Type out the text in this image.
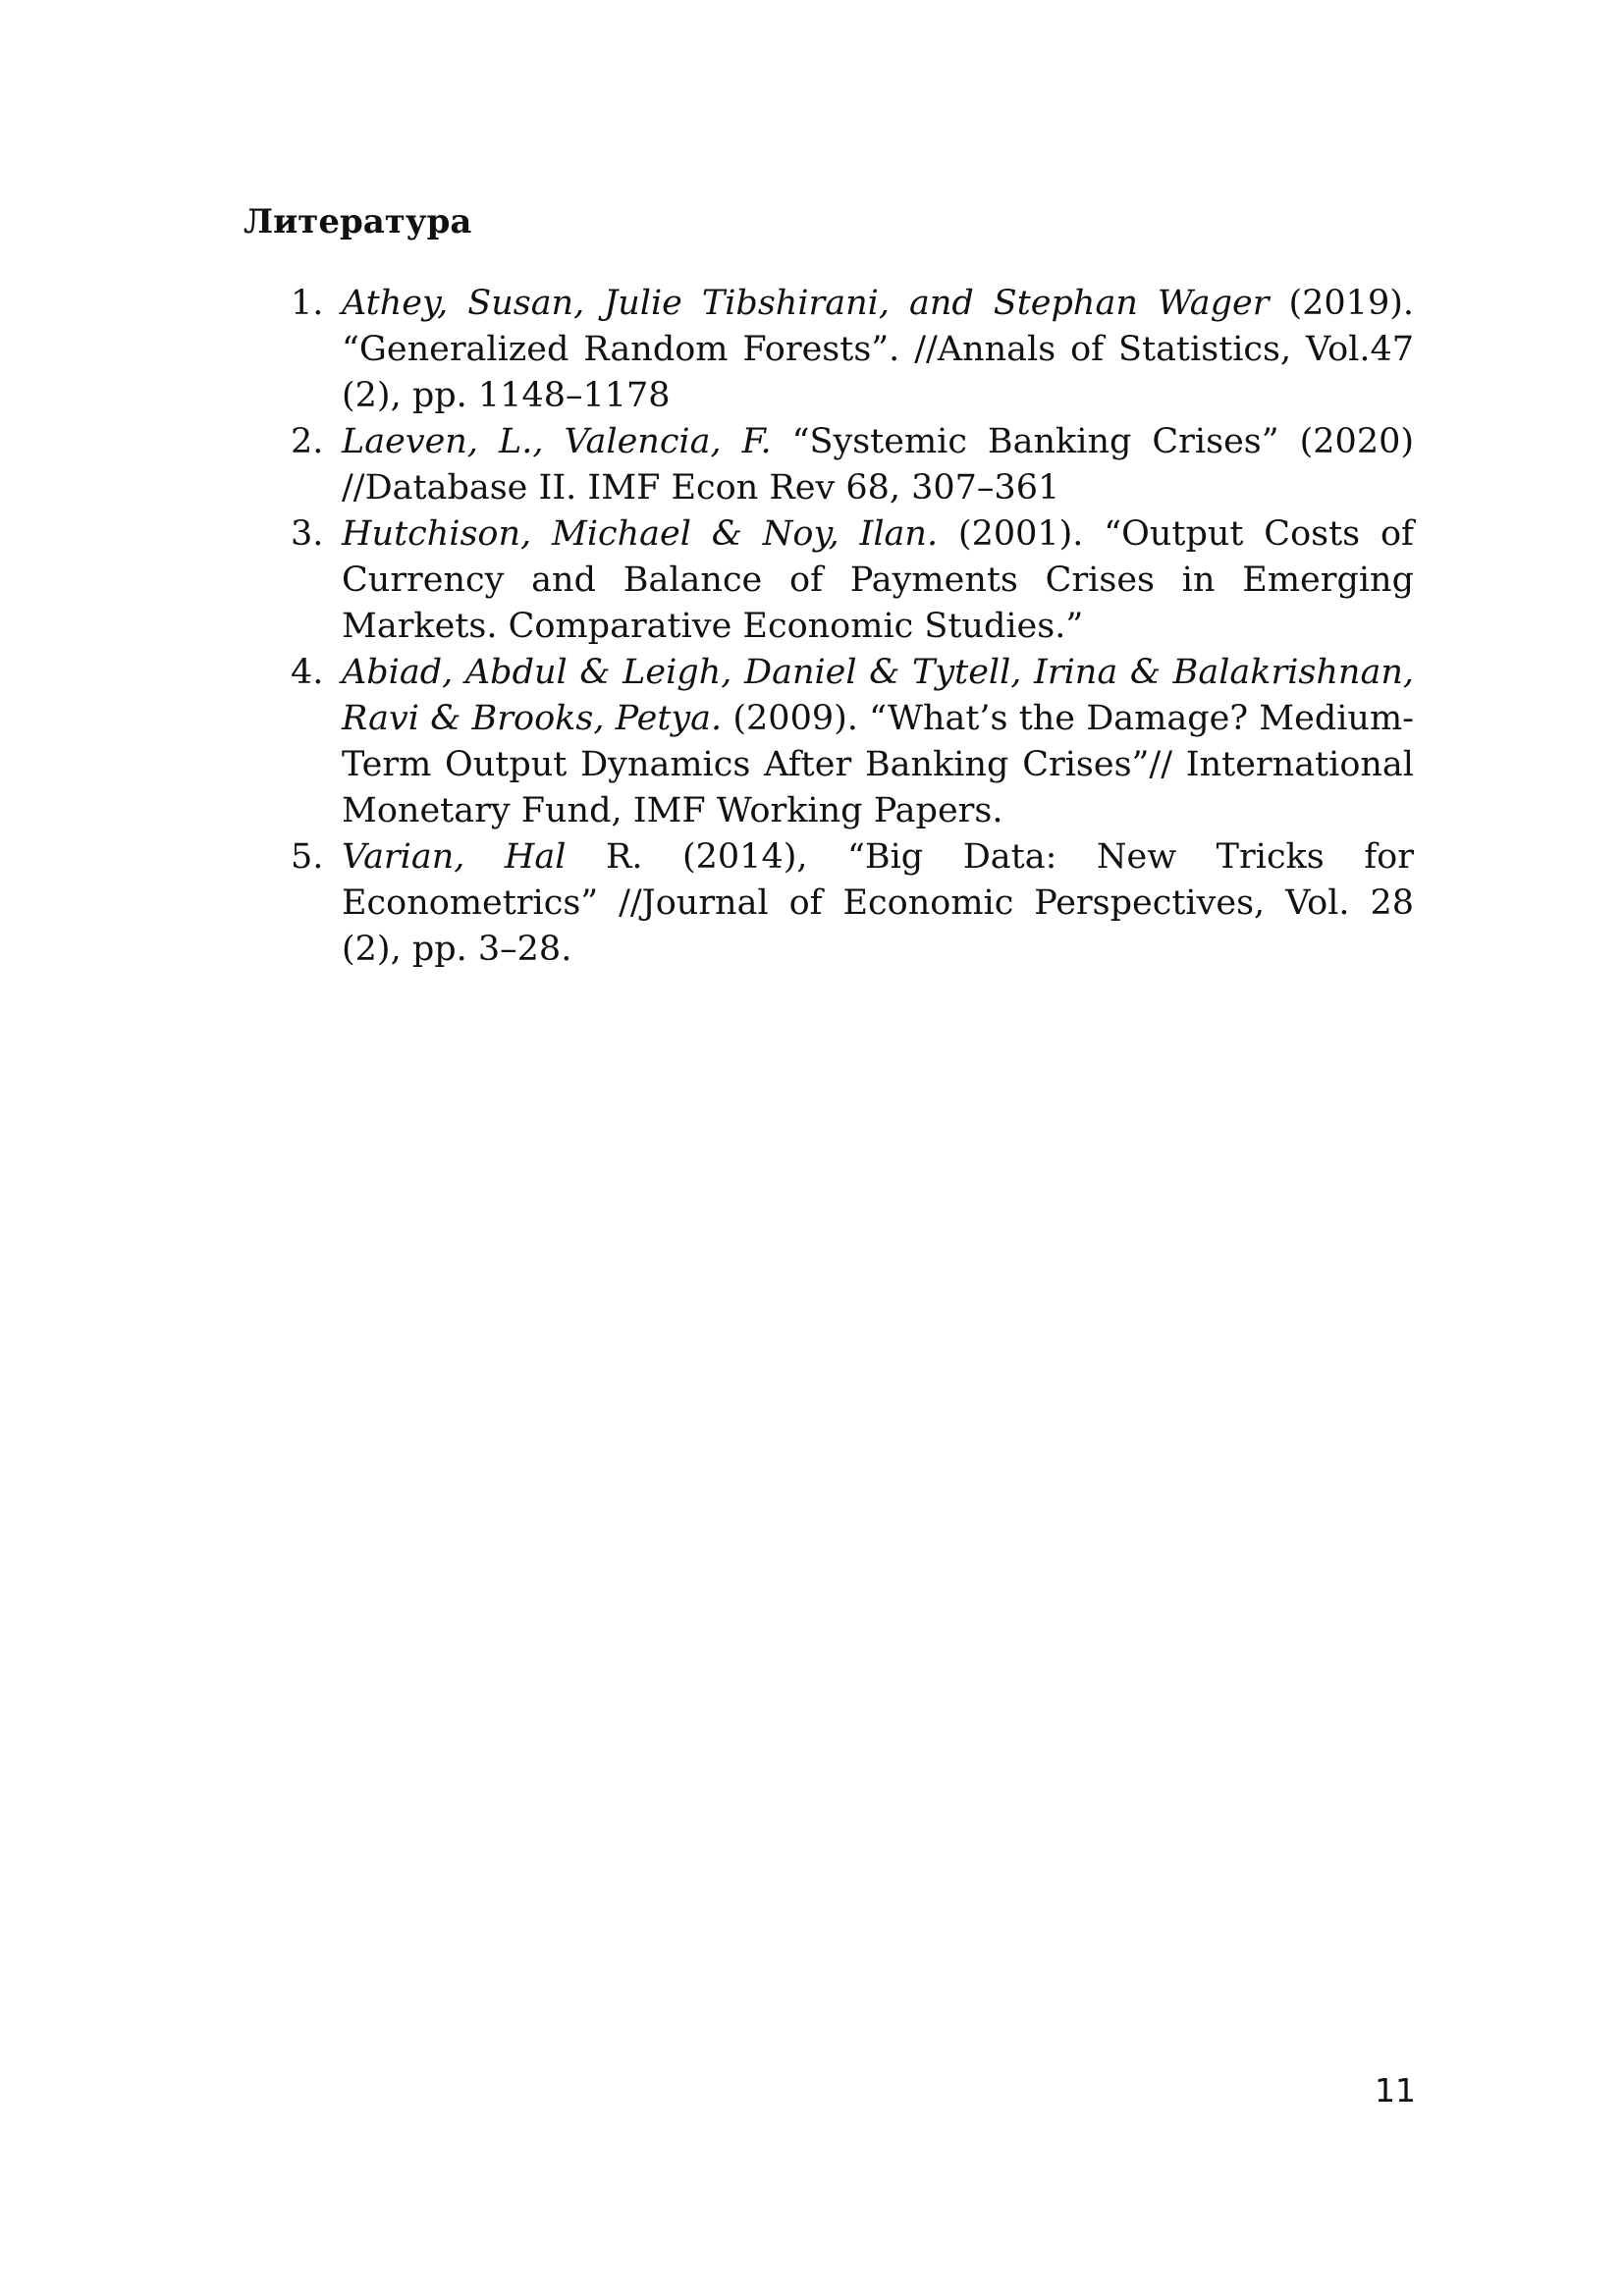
Литература
1. Athey, Susan, Julie Tibshirani, and Stephan Wager (2019). “Generalized Random Forests”. //Annals of Statistics, Vol.47 (2), pp. 1148–1178
2. Laeven, L., Valencia, F. “Systemic Banking Crises” (2020) //Database II. IMF Econ Rev 68, 307–361
3. Hutchison, Michael & Noy, Ilan. (2001). “Output Costs of Currency and Balance of Payments Crises in Emerging Markets. Comparative Economic Studies.”
4. Abiad, Abdul & Leigh, Daniel & Tytell, Irina & Balakrishnan, Ravi & Brooks, Petya. (2009). “What’s the Damage? Medium-Term Output Dynamics After Banking Crises”// International Monetary Fund, IMF Working Papers.
5. Varian, Hal R. (2014), “Big Data: New Tricks for Econometrics” //Journal of Economic Perspectives, Vol. 28 (2), pp. 3–28.
11
